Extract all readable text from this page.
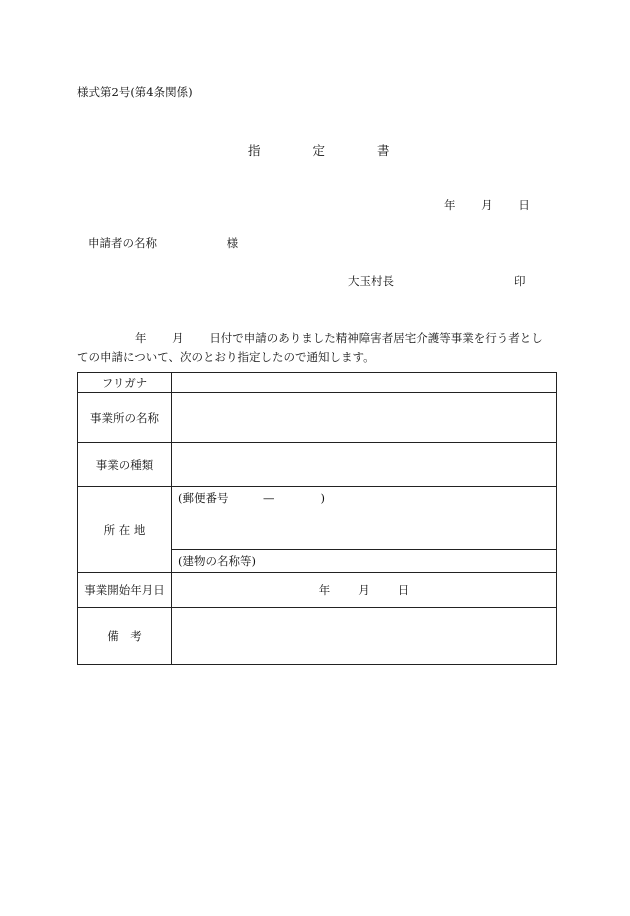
様式第2号(第4条関係)
指	定	書
年 月 日
申請者の名称	様
大玉村長	印
年 月 日付で申請のありました精神障害者居宅介護等事業を行う者とし
ての申請について、次のとおり指定したので通知します。
フリガナ	
事業所の名称	
事業の種類	
所 在 地	(郵便番号　　　—　　　　)
(建物の名称等)

事業開始年月日	年 月 日
備　考	
